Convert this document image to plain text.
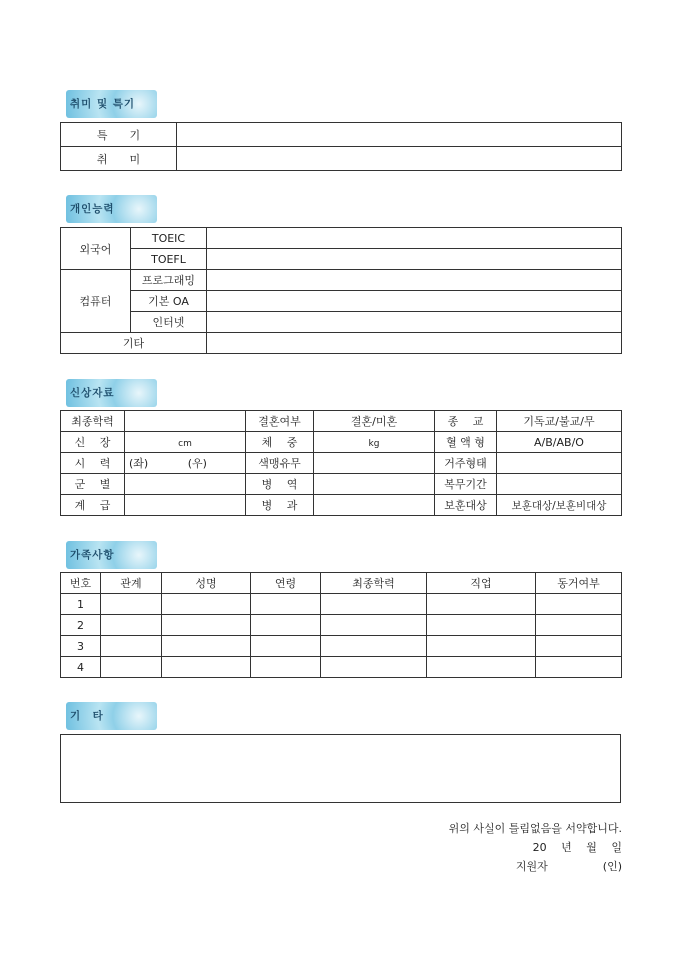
취미 및 특기
특　　기	
취　　미	
개인능력
외국어	TOEIC	
	TOEFL	
컴퓨터	프로그래밍	
	기본 OA	
	인터넷	
기타		
신상자료
최종학력		결혼여부	결혼/미혼	종　 교	기독교/불교/무
신　 장	cm	체　 중	kg	혈 액 형	A/B/AB/O
시　 력	(좌) (우)	색맹유무		거주형태	
군　 별		병　 역		복무기간	
계　 급		병　 과		보훈대상	보훈대상/보훈비대상
가족사항
번호	관계	성명	연령	최종학력	직업	동거여부
1						
2						
3						
4						
기　타
위의 사실이 틀림없음을 서약합니다.
20　 년　 월　 일
지원자　　　　　(인)
